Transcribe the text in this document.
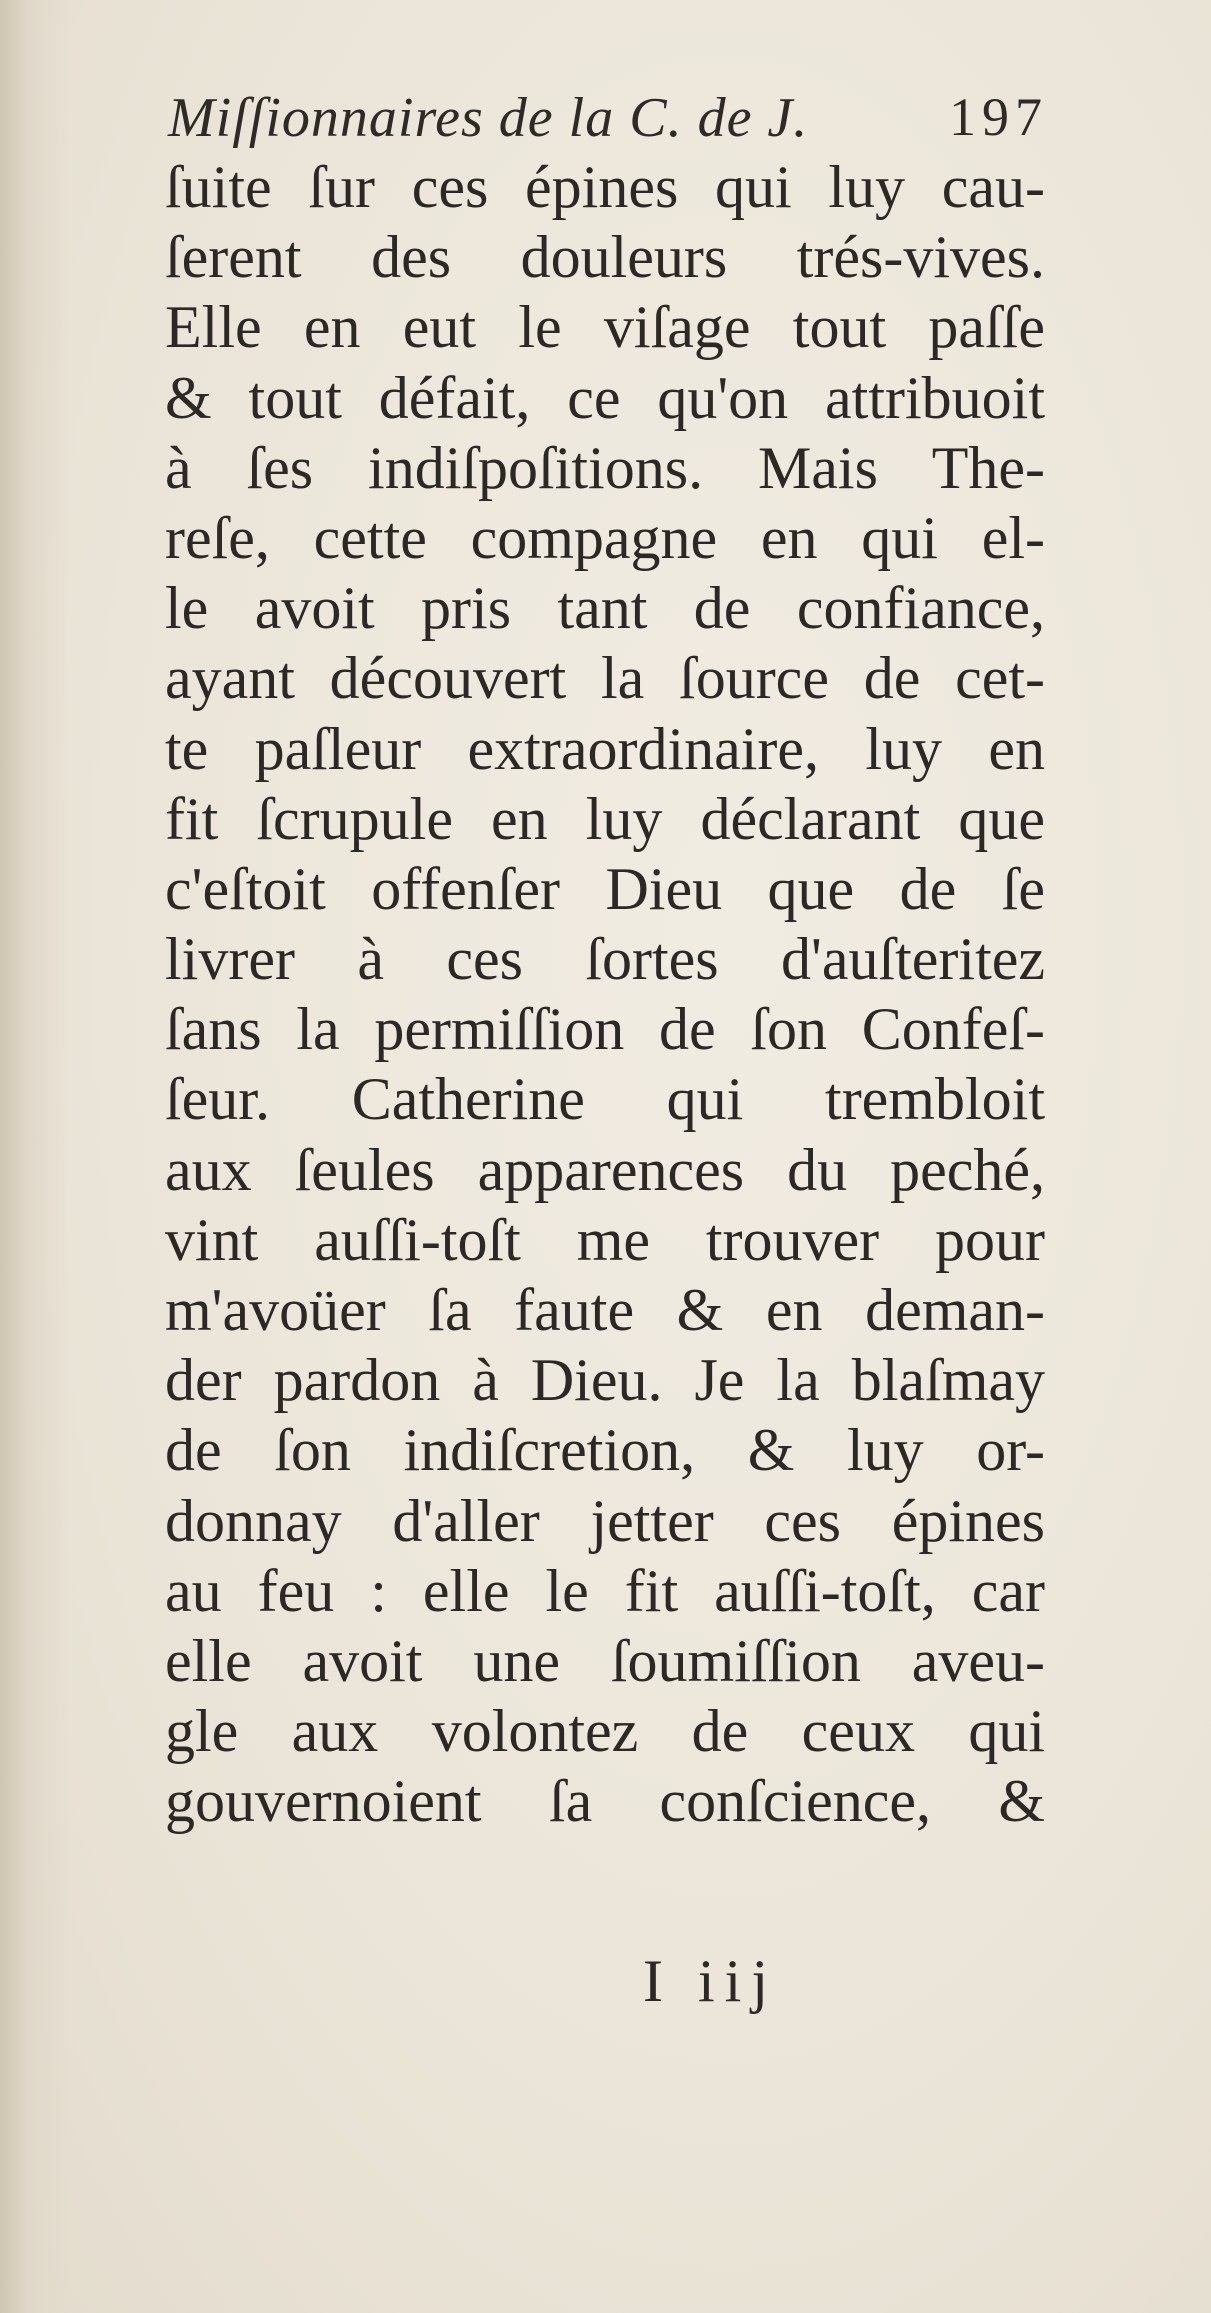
Miſſionnaires de la C. de J.	197
ſuite ſur ces épines qui luy cau-
ſerent des douleurs trés-vives.
Elle en eut le viſage tout paſſe
& tout défait, ce qu'on attribuoit
à ſes indiſpoſitions. Mais The-
reſe, cette compagne en qui el-
le avoit pris tant de confiance,
ayant découvert la ſource de cet-
te paſleur extraordinaire, luy en
fit ſcrupule en luy déclarant que
c'eſtoit offenſer Dieu que de ſe
livrer à ces ſortes d'auſteritez
ſans la permiſſion de ſon Confeſ-
ſeur. Catherine qui trembloit
aux ſeules apparences du peché,
vint auſſi-toſt me trouver pour
m'avoüer ſa faute & en deman-
der pardon à Dieu. Je la blaſmay
de ſon indiſcretion, & luy or-
donnay d'aller jetter ces épines
au feu : elle le fit auſſi-toſt, car
elle avoit une ſoumiſſion aveu-
gle aux volontez de ceux qui
gouvernoient ſa conſcience, &
I iij
